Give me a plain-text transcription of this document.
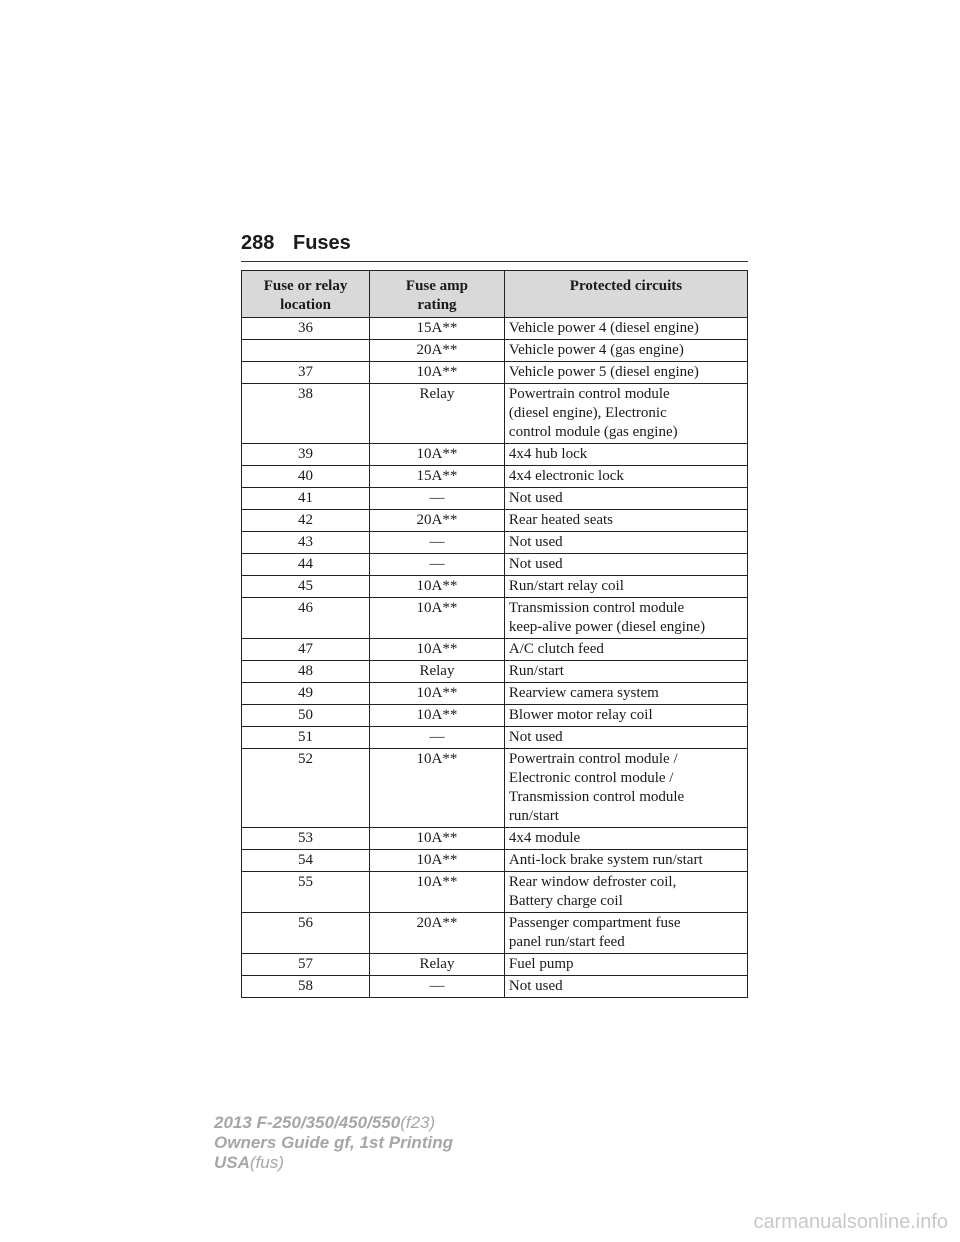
288 Fuses
Fuse or relay
location	Fuse amp
rating	Protected circuits

36	15A**	Vehicle power 4 (diesel engine)

	20A**	Vehicle power 4 (gas engine)

37	10A**	Vehicle power 5 (diesel engine)

38	Relay	Powertrain control module
(diesel engine), Electronic
control module (gas engine)

39	10A**	4x4 hub lock

40	15A**	4x4 electronic lock

41	—	Not used

42	20A**	Rear heated seats

43	—	Not used

44	—	Not used

45	10A**	Run/start relay coil

46	10A**	Transmission control module
keep-alive power (diesel engine)

47	10A**	A/C clutch feed

48	Relay	Run/start

49	10A**	Rearview camera system

50	10A**	Blower motor relay coil

51	—	Not used

52	10A**	Powertrain control module /
Electronic control module /
Transmission control module
run/start

53	10A**	4x4 module

54	10A**	Anti-lock brake system run/start

55	10A**	Rear window defroster coil,
Battery charge coil

56	20A**	Passenger compartment fuse
panel run/start feed

57	Relay	Fuel pump

58	—	Not used
2013 F-250/350/450/550(f23)
Owners Guide gf, 1st Printing
USA(fus)
carmanualsonline.info
